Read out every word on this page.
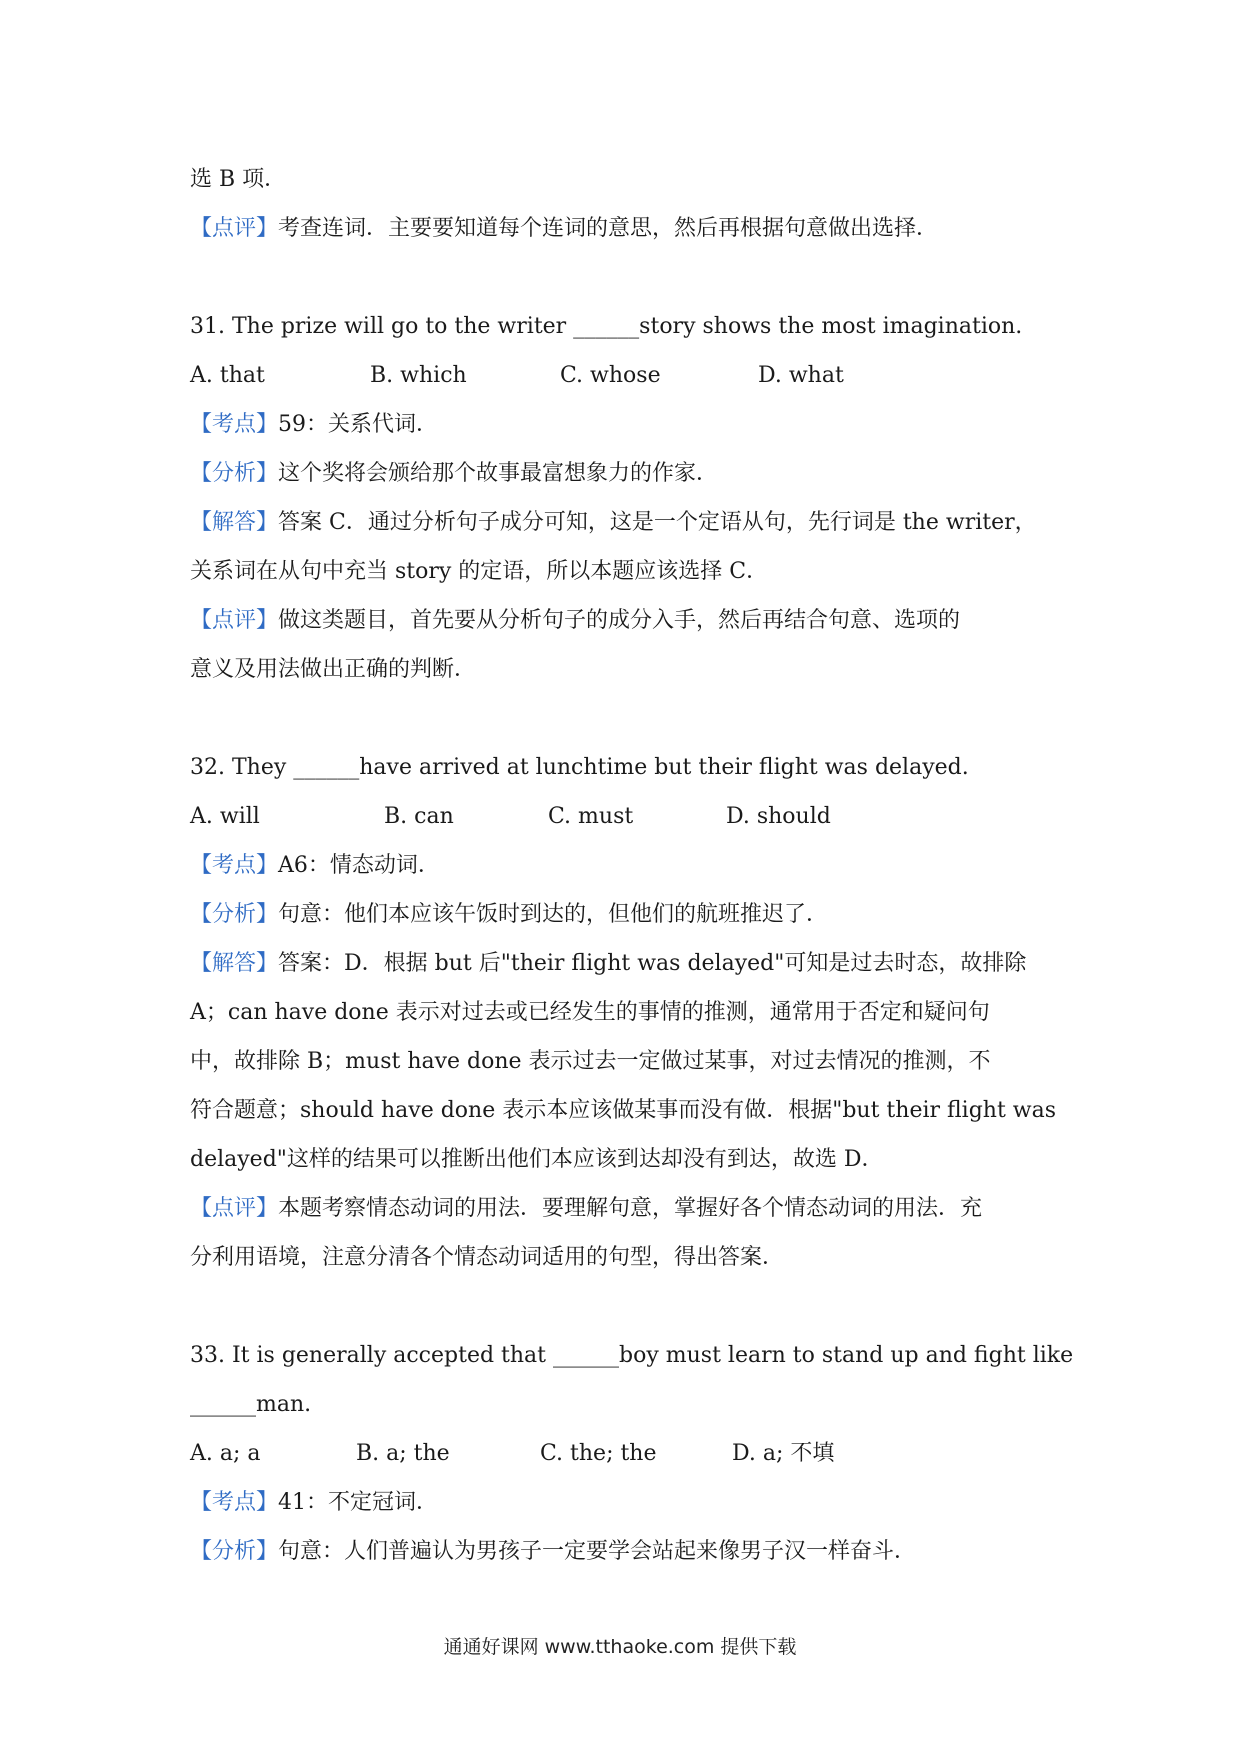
选 B 项．
【点评】考查连词．主要要知道每个连词的意思，然后再根据句意做出选择．
31. The prize will go to the writer ______story shows the most imagination.
A. that	B. which	C. whose	D. what
【考点】59：关系代词．
【分析】这个奖将会颁给那个故事最富想象力的作家．
【解答】答案 C．通过分析句子成分可知，这是一个定语从句，先行词是 the writer，
关系词在从句中充当 story 的定语，所以本题应该选择 C．
【点评】做这类题目，首先要从分析句子的成分入手，然后再结合句意、选项的
意义及用法做出正确的判断．
32. They ______have arrived at lunchtime but their flight was delayed.
A. will	B. can	C. must	D. should
【考点】A6：情态动词．
【分析】句意：他们本应该午饭时到达的，但他们的航班推迟了．
【解答】答案：D．根据 but 后"their flight was delayed"可知是过去时态，故排除
A；can have done 表示对过去或已经发生的事情的推测，通常用于否定和疑问句
中，故排除 B；must have done 表示过去一定做过某事，对过去情况的推测，不
符合题意；should have done 表示本应该做某事而没有做．根据"but their flight was
delayed"这样的结果可以推断出他们本应该到达却没有到达，故选 D．
【点评】本题考察情态动词的用法．要理解句意，掌握好各个情态动词的用法．充
分利用语境，注意分清各个情态动词适用的句型，得出答案．
33. It is generally accepted that ______boy must learn to stand up and fight like
______man.
A. a; a	B. a; the	C. the; the	D. a; 不填
【考点】41：不定冠词．
【分析】句意：人们普遍认为男孩子一定要学会站起来像男子汉一样奋斗．
通通好课网 www.tthaoke.com 提供下载
